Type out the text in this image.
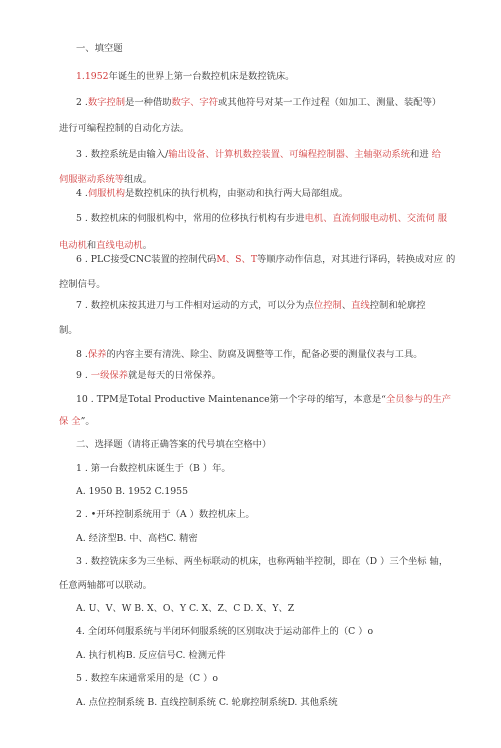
一、填空题
1.1952年诞生的世界上第一台数控机床是数控铣床。
2 .数字控制是一种借助数字、字符或其他符号对某一工作过程（如加工、测量、装配等）
进行可编程控制的自动化方法。
3 . 数控系统是由输入/输出设备、计算机数控装置、可编程控制器、主轴驱动系统和进 给
伺服驱动系统等组成。
4 .伺服机构是数控机床的执行机构，由驱动和执行两大局部组成。
5 . 数控机床的伺服机构中，常用的位移执行机构有步进电机、直流伺服电动机、交流伺 服
电动机和直线电动机。
6 . PLC接受CNC装置的控制代码M、S、T等顺序动作信息，对其进行译码，转换成对应 的
控制信号。
7 . 数控机床按其进刀与工件相对运动的方式，可以分为点位控制、直线控制和轮廓控
制。
8 .保养的内容主要有清洗、除尘、防腐及调整等工作，配备必要的测量仪表与工具。
9 . 一级保养就是每天的日常保养。
10 . TPM是Total Productive Maintenance第一个字母的缩写，本意是“全员参与的生产
保 全”。
二、选择题（请将正确答案的代号填在空格中）
1 . 第一台数控机床诞生于（B ）年。
A. 1950 B. 1952 C.1955
2 . •开环控制系统用于（A ）数控机床上。
A. 经济型B. 中、高档C. 精密
3 . 数控铣床多为三坐标、两坐标联动的机床，也称两轴半控制，即在（D ）三个坐标 轴，
任意两轴都可以联动。
A. U、V、W B. X、O、Y C. X、Z、C D. X、Y、Z
4. 全闭环伺服系统与半闭环伺服系统的区别取决于运动部件上的（C ）o
A. 执行机构B. 反应信号C. 检测元件
5 . 数控车床通常采用的是（C ）o
A. 点位控制系统 B. 直线控制系统 C. 轮廓控制系统D. 其他系统
